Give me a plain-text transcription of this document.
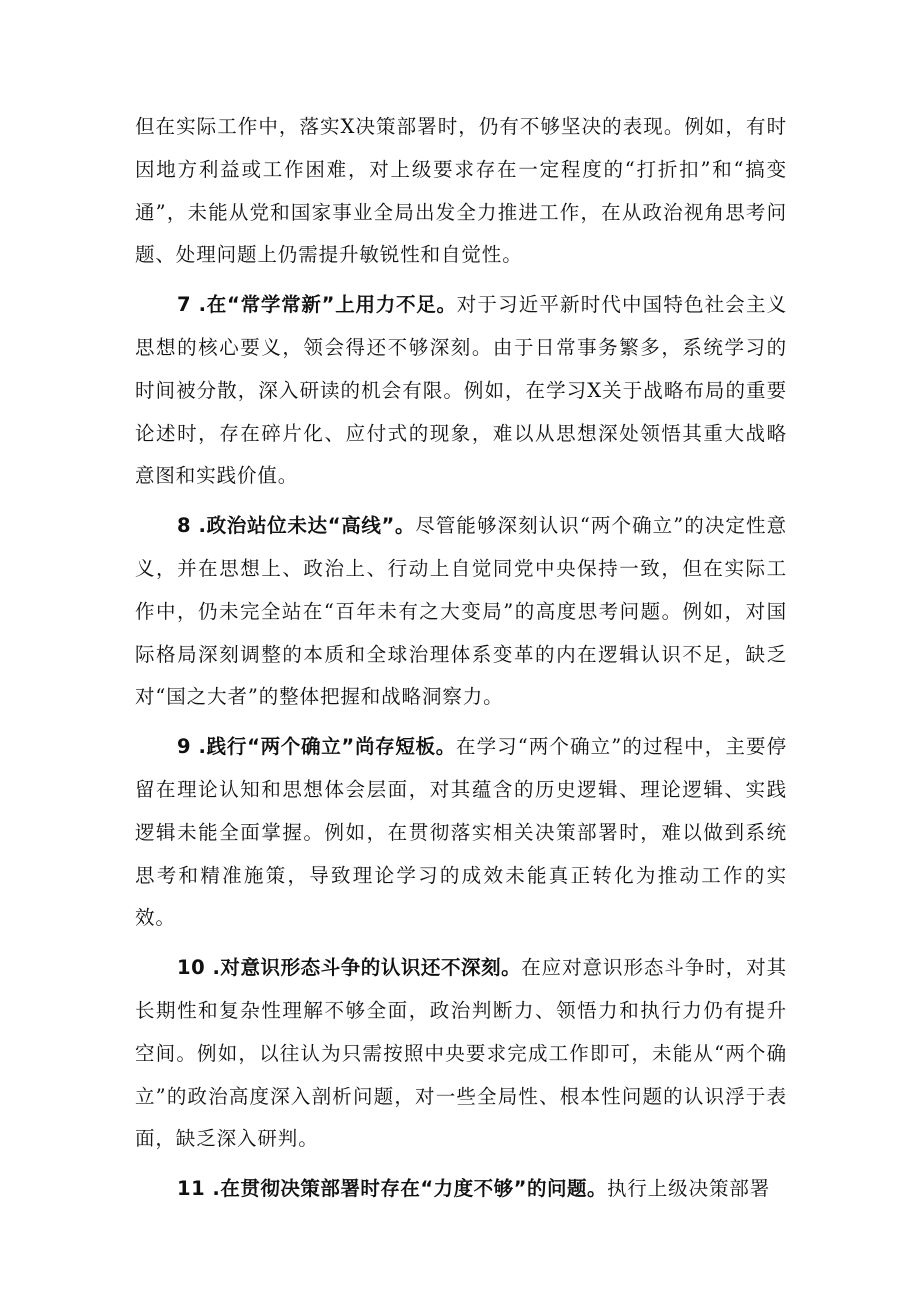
但在实际工作中，落实X决策部署时，仍有不够坚决的表现。例如，有时因地方利益或工作困难，对上级要求存在一定程度的“打折扣”和“搞变通”，未能从党和国家事业全局出发全力推进工作，在从政治视角思考问题、处理问题上仍需提升敏锐性和自觉性。

7 .在“常学常新”上用力不足。对于习近平新时代中国特色社会主义思想的核心要义，领会得还不够深刻。由于日常事务繁多，系统学习的时间被分散，深入研读的机会有限。例如，在学习X关于战略布局的重要论述时，存在碎片化、应付式的现象，难以从思想深处领悟其重大战略意图和实践价值。

8 .政治站位未达“高线”。尽管能够深刻认识“两个确立”的决定性意义，并在思想上、政治上、行动上自觉同党中央保持一致，但在实际工作中，仍未完全站在“百年未有之大变局”的高度思考问题。例如，对国际格局深刻调整的本质和全球治理体系变革的内在逻辑认识不足，缺乏对“国之大者”的整体把握和战略洞察力。

9 .践行“两个确立”尚存短板。在学习“两个确立”的过程中，主要停留在理论认知和思想体会层面，对其蕴含的历史逻辑、理论逻辑、实践逻辑未能全面掌握。例如，在贯彻落实相关决策部署时，难以做到系统思考和精准施策，导致理论学习的成效未能真正转化为推动工作的实效。

10 .对意识形态斗争的认识还不深刻。在应对意识形态斗争时，对其长期性和复杂性理解不够全面，政治判断力、领悟力和执行力仍有提升空间。例如，以往认为只需按照中央要求完成工作即可，未能从“两个确立”的政治高度深入剖析问题，对一些全局性、根本性问题的认识浮于表面，缺乏深入研判。

11 .在贯彻决策部署时存在“力度不够”的问题。执行上级决策部署
